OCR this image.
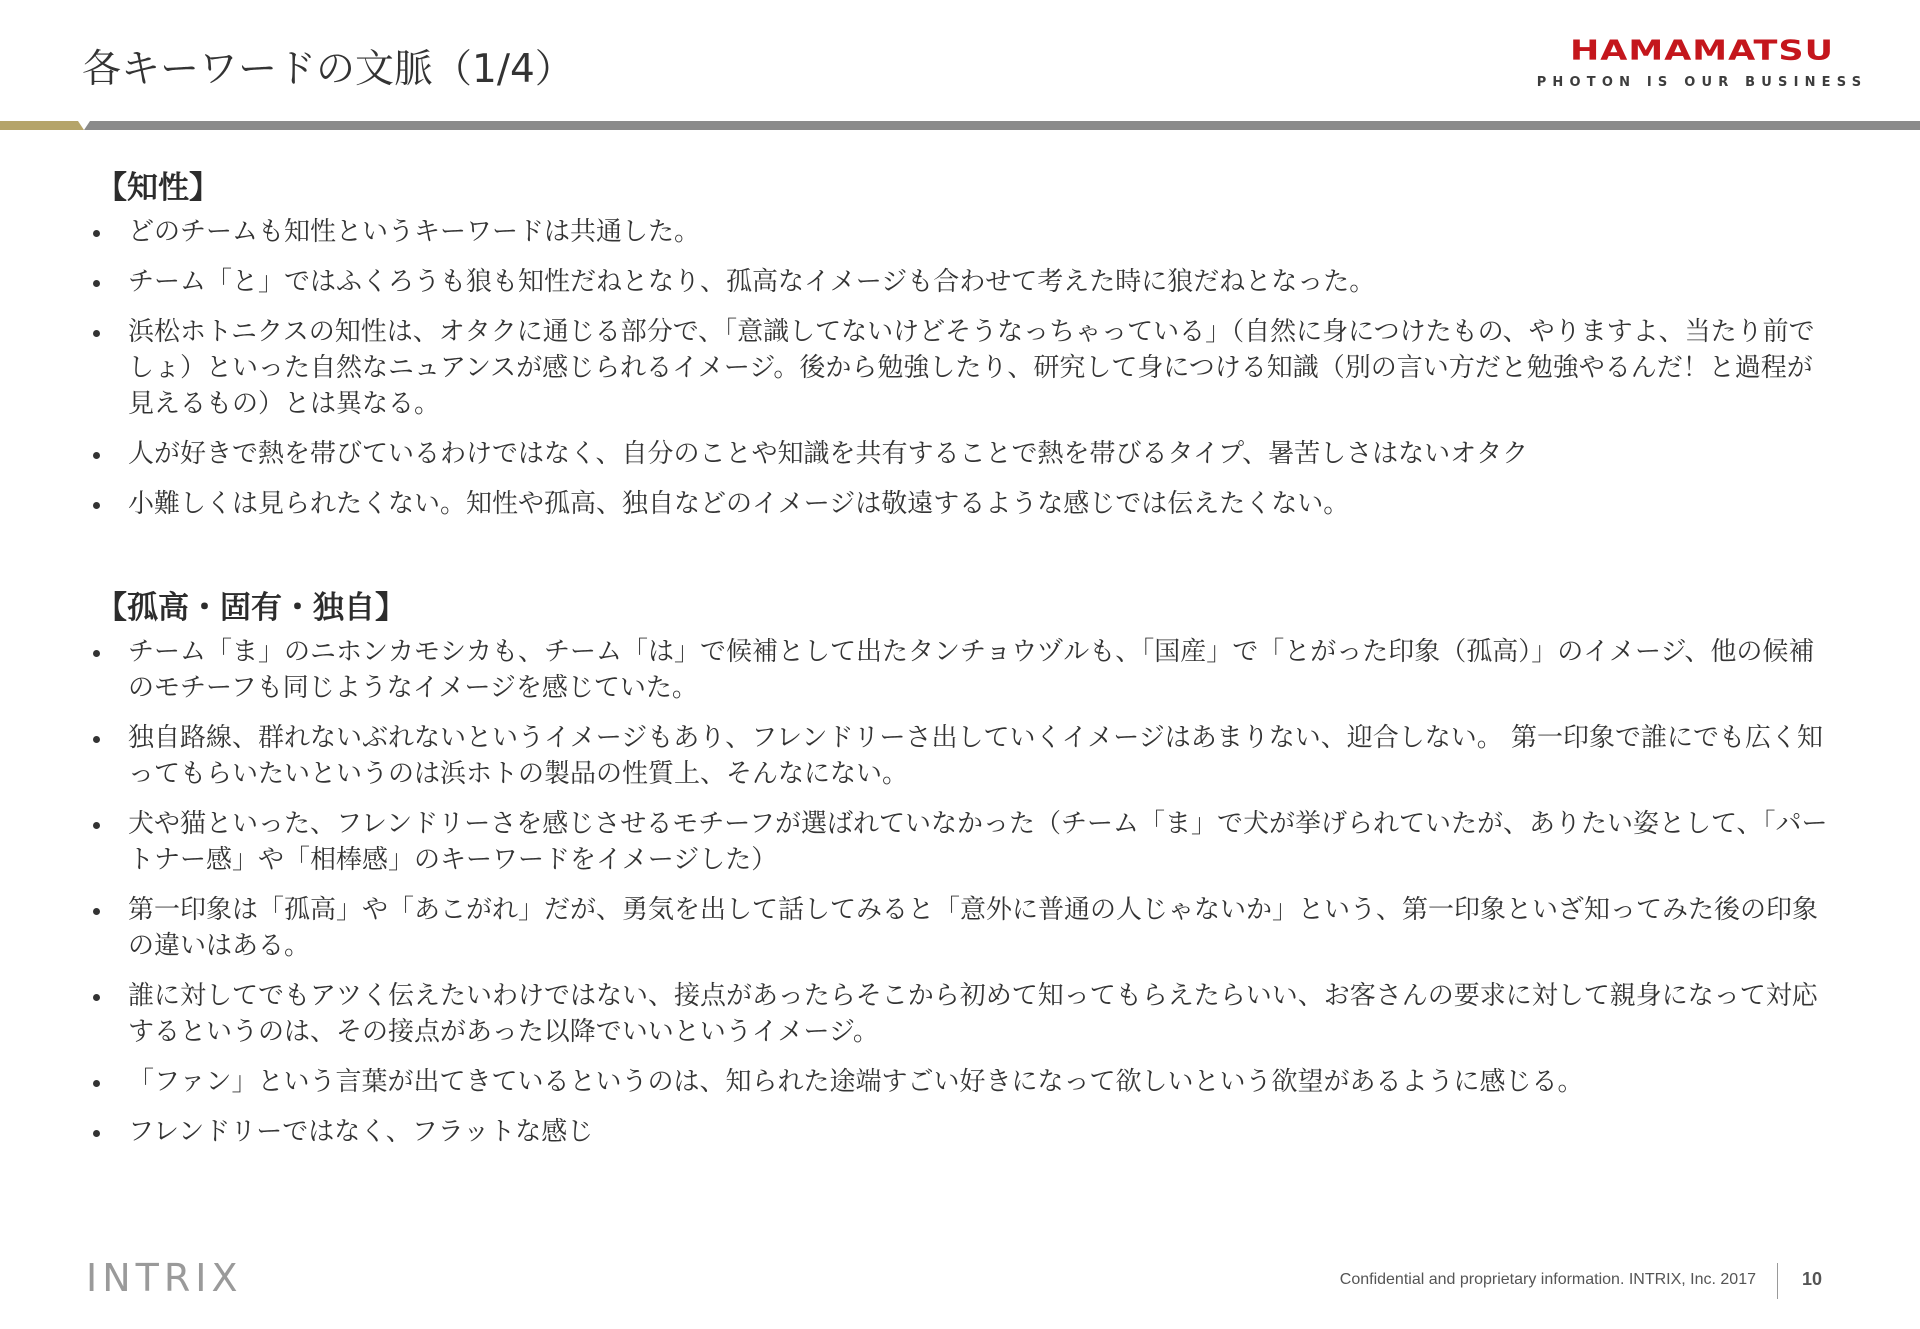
各キーワードの文脈（1/4）	HAMAMATSU
PHOTON IS OUR BUSINESS
【知性】
どのチームも知性というキーワードは共通した。
チーム「と」ではふくろうも狼も知性だねとなり、孤高なイメージも合わせて考えた時に狼だねとなった。
浜松ホトニクスの知性は、オタクに通じる部分で、「意識してないけどそうなっちゃっている」（自然に身につけたもの、やりますよ、当たり前でしょ）といった自然なニュアンスが感じられるイメージ。後から勉強したり、研究して身につける知識（別の言い方だと勉強やるんだ！と過程が見えるもの）とは異なる。
人が好きで熱を帯びているわけではなく、自分のことや知識を共有することで熱を帯びるタイプ、暑苦しさはないオタク
小難しくは見られたくない。知性や孤高、独自などのイメージは敬遠するような感じでは伝えたくない。
【孤高・固有・独自】
チーム「ま」のニホンカモシカも、チーム「は」で候補として出たタンチョウヅルも、「国産」で「とがった印象（孤高）」のイメージ、他の候補のモチーフも同じようなイメージを感じていた。
独自路線、群れないぶれないというイメージもあり、フレンドリーさ出していくイメージはあまりない、迎合しない。 第一印象で誰にでも広く知ってもらいたいというのは浜ホトの製品の性質上、そんなにない。
犬や猫といった、フレンドリーさを感じさせるモチーフが選ばれていなかった（チーム「ま」で犬が挙げられていたが、ありたい姿として、「パートナー感」や「相棒感」のキーワードをイメージした）
第一印象は「孤高」や「あこがれ」だが、勇気を出して話してみると「意外に普通の人じゃないか」という、第一印象といざ知ってみた後の印象の違いはある。
誰に対してでもアツく伝えたいわけではない、接点があったらそこから初めて知ってもらえたらいい、お客さんの要求に対して親身になって対応するというのは、その接点があった以降でいいというイメージ。
「ファン」という言葉が出てきているというのは、知られた途端すごい好きになって欲しいという欲望があるように感じる。
フレンドリーではなく、フラットな感じ
INTRIX	Confidential and proprietary information. INTRIX, Inc. 2017	10
